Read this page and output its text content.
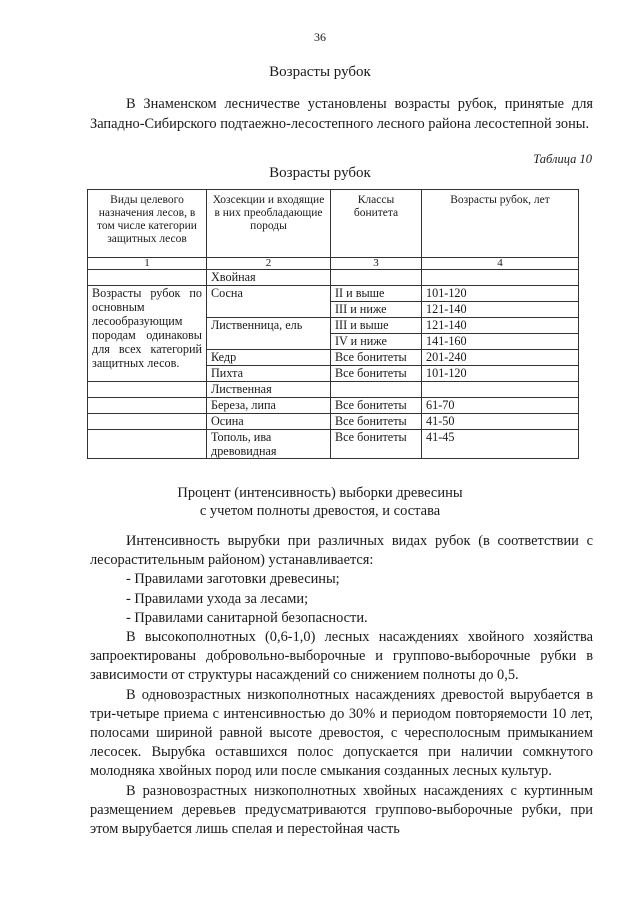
36
Возрасты рубок
В Знаменском лесничестве установлены возрасты рубок, принятые для Западно-Сибирского подтаежно-лесостепного лесного района лесостепной зоны.
Таблица 10
Возрасты рубок
Виды целевого назначения лесов, в том числе категории защитных лесов	Хозсекции и входящие в них преобладающие породы	Классы бонитета	Возрасты рубок, лет
1	2	3	4
	Хвойная		
Возрасты рубок по основным лесообразующим породам одинаковы для всех категорий защитных лесов.	Сосна	II и выше	101-120
		III и ниже	121-140
	Лиственница, ель	III и выше	121-140
		IV и ниже	141-160
	Кедр	Все бонитеты	201-240
	Пихта	Все бонитеты	101-120
	Лиственная		
	Береза, липа	Все бонитеты	61-70
	Осина	Все бонитеты	41-50
	Тополь, ива древовидная	Все бонитеты	41-45
Процент (интенсивность) выборки древесины
с учетом полноты древостоя, и состава

Интенсивность вырубки при различных видах рубок (в соответствии с лесорастительным районом) устанавливается:

- Правилами заготовки древесины;

- Правилами ухода за лесами;

- Правилами санитарной безопасности.

В высокополнотных (0,6-1,0) лесных насаждениях хвойного хозяйства запроектированы добровольно-выборочные и группово-выборочные рубки в зависимости от структуры насаждений со снижением полноты до 0,5.

В одновозрастных низкополнотных насаждениях древостой вырубается в три-четыре приема с интенсивностью до 30% и периодом повторяемости 10 лет, полосами шириной равной высоте древостоя, с чересполосным примыканием лесосек. Вырубка оставшихся полос допускается при наличии сомкнутого молодняка хвойных пород или после смыкания созданных лесных культур.

В разновозрастных низкополнотных хвойных насаждениях с куртинным размещением деревьев предусматриваются группово-выборочные рубки, при этом вырубается лишь спелая и перестойная часть
